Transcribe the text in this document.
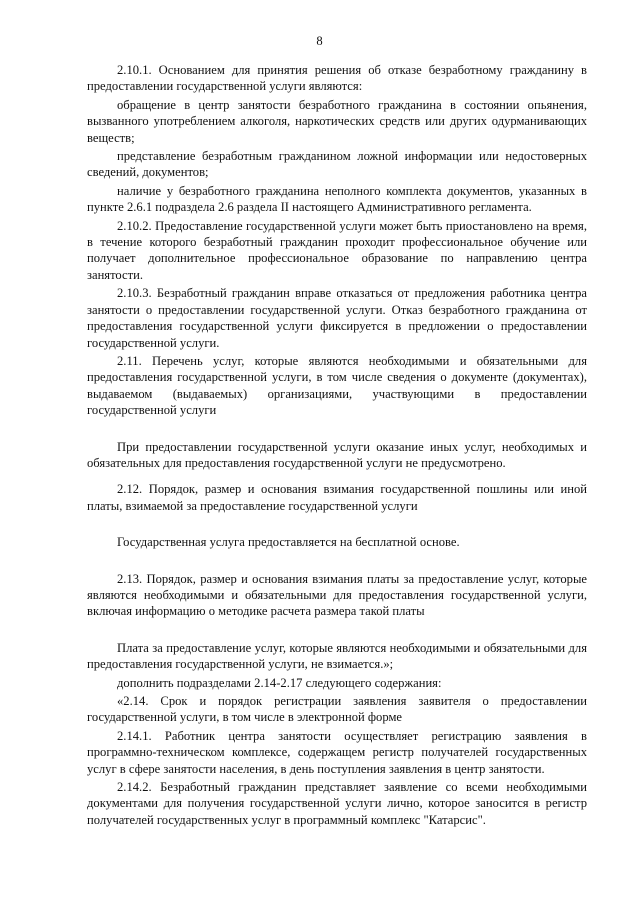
8

2.10.1. Основанием для принятия решения об отказе безработному гражданину в предоставлении государственной услуги являются:

обращение в центр занятости безработного гражданина в состоянии опьянения, вызванного употреблением алкоголя, наркотических средств или других одурманивающих веществ;

представление безработным гражданином ложной информации или недостоверных сведений, документов;

наличие у безработного гражданина неполного комплекта документов, указанных в пункте 2.6.1 подраздела 2.6 раздела II настоящего Административного регламента.

2.10.2. Предоставление государственной услуги может быть приостановлено на время, в течение которого безработный гражданин проходит профессиональное обучение или получает дополнительное профессиональное образование по направлению центра занятости.

2.10.3. Безработный гражданин вправе отказаться от предложения работника центра занятости о предоставлении государственной услуги. Отказ безработного гражданина от предоставления государственной услуги фиксируется в предложении о предоставлении государственной услуги.

2.11. Перечень услуг, которые являются необходимыми и обязательными для предоставления государственной услуги, в том числе сведения о документе (документах), выдаваемом (выдаваемых) организациями, участвующими в предоставлении государственной услуги

При предоставлении государственной услуги оказание иных услуг, необходимых и обязательных для предоставления государственной услуги не предусмотрено.

2.12. Порядок, размер и основания взимания государственной пошлины или иной платы, взимаемой за предоставление государственной услуги

Государственная услуга предоставляется на бесплатной основе.

2.13. Порядок, размер и основания взимания платы за предоставление услуг, которые являются необходимыми и обязательными для предоставления государственной услуги, включая информацию о методике расчета размера такой платы

Плата за предоставление услуг, которые являются необходимыми и обязательными для предоставления государственной услуги, не взимается.»;

дополнить подразделами 2.14-2.17 следующего содержания:

«2.14. Срок и порядок регистрации заявления заявителя о предоставлении государственной услуги, в том числе в электронной форме

2.14.1. Работник центра занятости осуществляет регистрацию заявления в программно-техническом комплексе, содержащем регистр получателей государственных услуг в сфере занятости населения, в день поступления заявления в центр занятости.

2.14.2. Безработный гражданин представляет заявление со всеми необходимыми документами для получения государственной услуги лично, которое заносится в регистр получателей государственных услуг в программный комплекс "Катарсис".
